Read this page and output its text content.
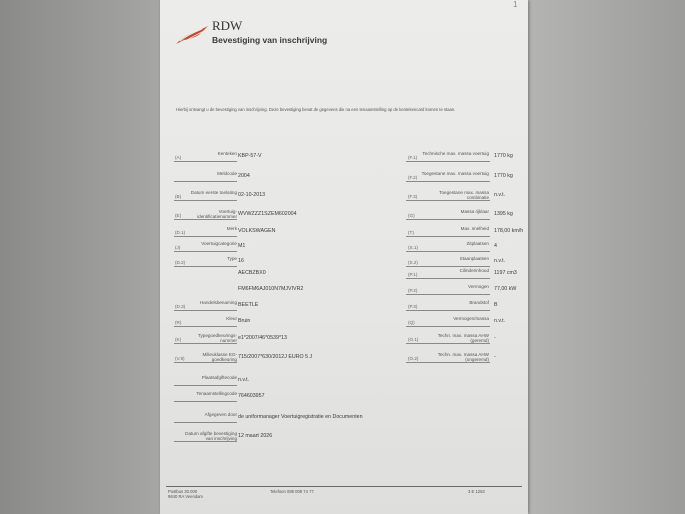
RDW
Bevestiging van inschrijving
1
Hierbij ontvangt u de bevestiging van inschrijving. Deze bevestiging bevat de gegevens die na een tenaamstelling op de kentekencard komen te staan.
(A)
Kenteken KBP-57-V
Meldcode 2004
(B)
Datum eerste toelating 02-10-2013
(E)
Voertuig-identificatienummer WVWZZZ1SZEM602004
(D.1)
Merk VOLKSWAGEN
(J)
Voertuigcategorie M1
(D.2)
Type 16
AECBZBX0
FM6FM6AJ010N7MJVIVR2
(D.3)
Handelsbenaming BEETLE
(R)
Kleur Bruin
(K)
Typegoedkeurings-nummer e1*2007/46*0539*13
(V.9)
Milieuklasse EG-goedkeuring 715/2007*630/2012J EURO 5 J
Plaatsafgiftecode n.v.t.
Tenaamstellingcode 764603957
Afgegeven door de uniformanager Voertuigregistratie en Documenten
Datum afgifte bevestiging van inschrijving 12 maart 2026
(F.1)
Technische max. massa voertuig 1770 kg
(F.2)
Toegestane max. massa voertuig 1770 kg
(F.3)
Toegestane max. massa combinatie n.v.t.
(G)
Massa rijklaar 1395 kg
(T)
Max. snelheid 178,00 km/h
(S.1)
Zitplaatsen 4
(S.2)
Staanplaatsen n.v.t.
(P.1)
Cilinderinhoud 1197 cm3
(P.2)
Vermogen 77,00 kW
(P.3)
Brandstof B
(Q)
Vermogen/massa n.v.t.
(O.1)
Techn. max. massa AHW (geremd) -
(O.2)
Techn. max. massa AHW (ongeremd) -
Postbus 30.000
9640 RA Veendam
Telefoon 088 008 74 77	3 E 1263
